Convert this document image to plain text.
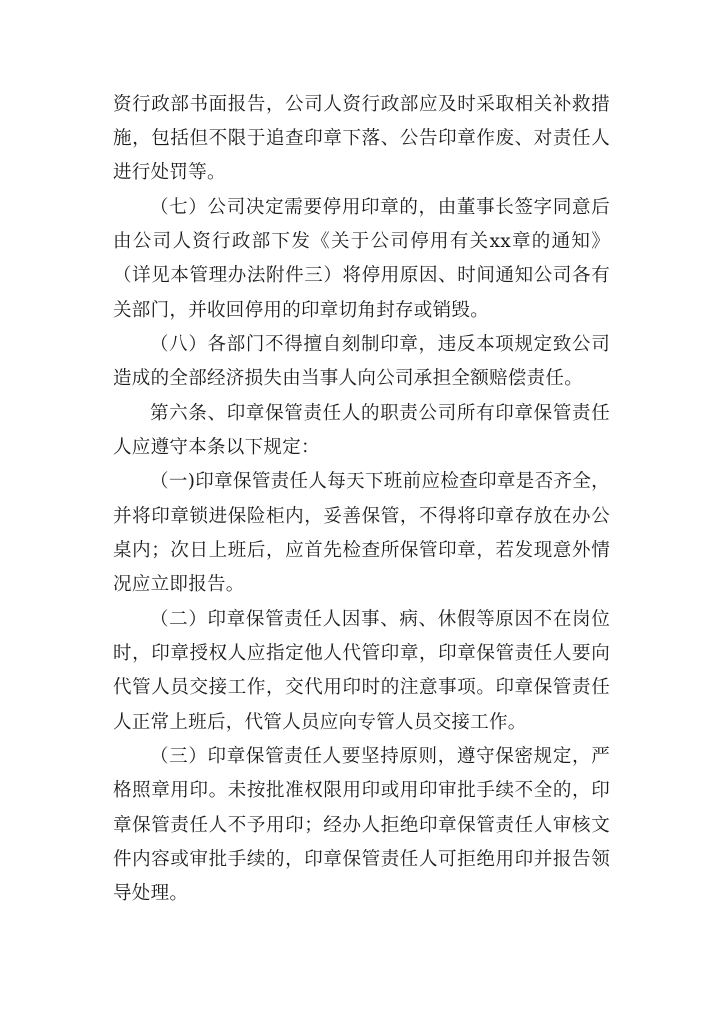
资行政部书面报告，公司人资行政部应及时采取相关补救措

施，包括但不限于追查印章下落、公告印章作废、对责任人

进行处罚等。

（七）公司决定需要停用印章的，由董事长签字同意后

由公司人资行政部下发《关于公司停用有关xx章的通知》

（详见本管理办法附件三）将停用原因、时间通知公司各有

关部门，并收回停用的印章切角封存或销毁。

（八）各部门不得擅自刻制印章，违反本项规定致公司

造成的全部经济损失由当事人向公司承担全额赔偿责任。

第六条、印章保管责任人的职责公司所有印章保管责任

人应遵守本条以下规定：

（一)印章保管责任人每天下班前应检查印章是否齐全，

并将印章锁进保险柜内，妥善保管，不得将印章存放在办公

桌内；次日上班后，应首先检查所保管印章，若发现意外情

况应立即报告。

（二）印章保管责任人因事、病、休假等原因不在岗位

时，印章授权人应指定他人代管印章，印章保管责任人要向

代管人员交接工作，交代用印时的注意事项。印章保管责任

人正常上班后，代管人员应向专管人员交接工作。

（三）印章保管责任人要坚持原则，遵守保密规定，严

格照章用印。未按批准权限用印或用印审批手续不全的，印

章保管责任人不予用印；经办人拒绝印章保管责任人审核文

件内容或审批手续的，印章保管责任人可拒绝用印并报告领

导处理。
